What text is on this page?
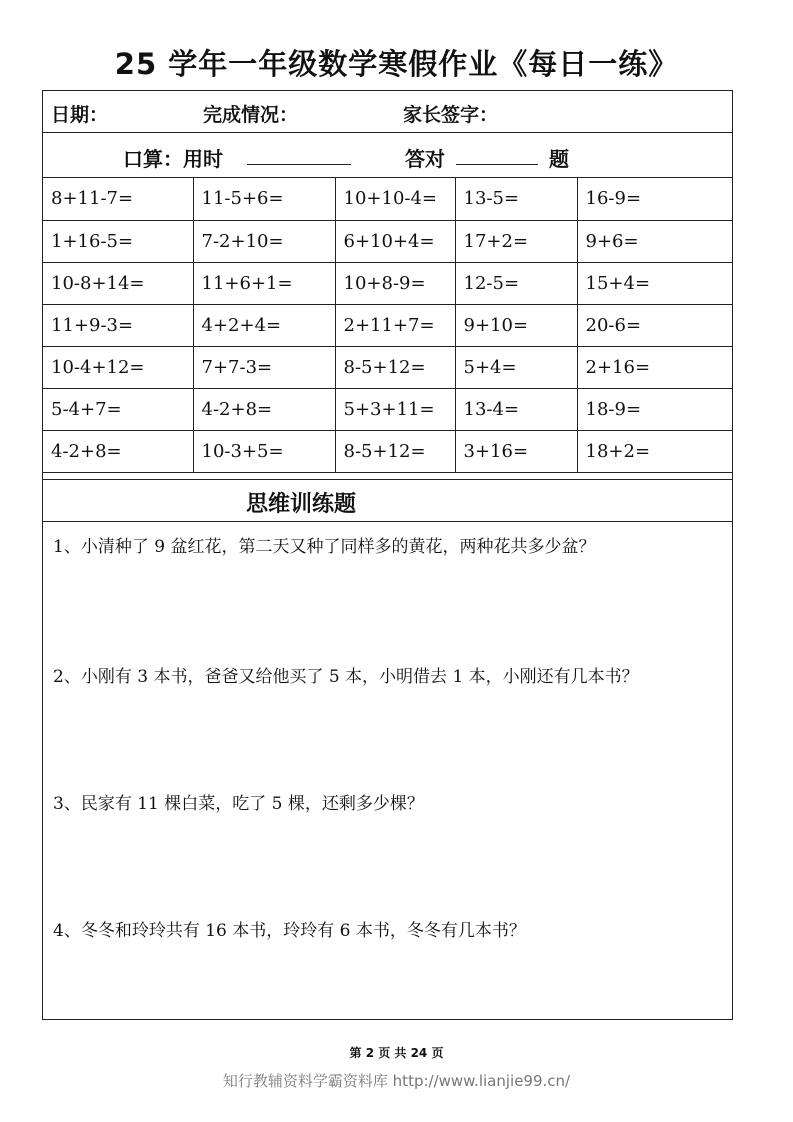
25 学年一年级数学寒假作业《每日一练》
日期：	完成情况：	家长签字：
口算：用时	答对	题
8+11-7=	11-5+6=	10+10-4=	13-5=	16-9=
1+16-5=	7-2+10=	6+10+4=	17+2=	9+6=
10-8+14=	11+6+1=	10+8-9=	12-5=	15+4=
11+9-3=	4+2+4=	2+11+7=	9+10=	20-6=
10-4+12=	7+7-3=	8-5+12=	5+4=	2+16=
5-4+7=	4-2+8=	5+3+11=	13-4=	18-9=
4-2+8=	10-3+5=	8-5+12=	3+16=	18+2=
思维训练题
1、小清种了 9 盆红花，第二天又种了同样多的黄花，两种花共多少盆？
2、小刚有 3 本书，爸爸又给他买了 5 本，小明借去 1 本，小刚还有几本书？
3、民家有 11 棵白菜，吃了 5 棵，还剩多少棵？
4、冬冬和玲玲共有 16 本书，玲玲有 6 本书，冬冬有几本书？
第 2 页 共 24 页
知行教辅资料学霸资料库 http://www.lianjie99.cn/
